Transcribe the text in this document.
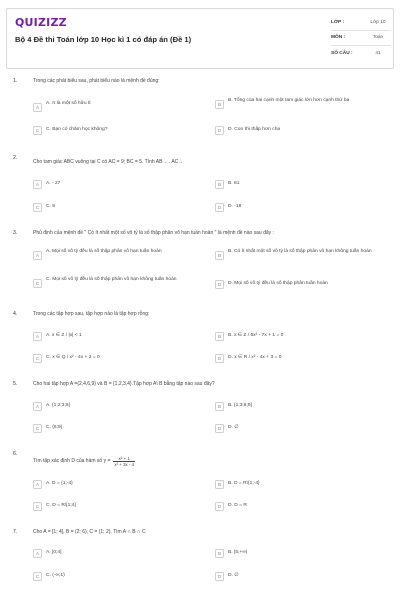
QUIZIZZ
Bộ 4 Đề thi Toán lớp 10 Học kì 1 có đáp án (Đề 1)
LỚP :	Lớp 10
MÔN :	Toán
SỐ CÂU :	41
1.	Trong các phát biểu sau, phát biểu nào là mệnh đề đúng:
A
A. π là một số hữu tỉ	B
B. Tổng của hai cạnh một tam giác lớn hơn cạnh thứ ba
C	C. Bạn có chăm học không?	D	D. Con thì thấp hơn cha
2.
Cho tam giác ABC vuông tại C có AC = 9; BC = 5. Tính AB→ . AC→
A	A. - 27	B	B. 81
C	C. 9	D	D. -18
3.	Phủ định của mệnh đề " Có ít nhất một số vô tỷ là số thập phân vô hạn tuần hoàn " là mệnh đề nào sau đây :
A
A. Mọi số vô tỷ đều là số thập phân vô hạn tuần hoàn
B
B. Có ít nhất một số vô tỷ là số thập phân vô hạn không tuần hoàn
C
C. Mọi số vô tỷ đều là số thập phân vô hạn không tuần hoàn
D	D. Mọi số vô tỷ đều là số thập phân tuần hoàn
4.	Trong các tập hợp sau, tập hợp nào là tập hợp rỗng:
A	A. x ∈ Z / |x| < 1	B	B. x ∈ Z / 6x² - 7x + 1 = 0
C	C. x ∈ Q / x² - 4x + 2 = 0	D	D. x ∈ R / x² - 4x + 3 = 0
5.	Cho hai tập hợp A ={2,4,6,9} và B = {1,2,3,4}.Tập hợp A\ B bằng tập nào sau đây?
A	A. {1;2;3;5}	B	B. {1;3;6;9}
C	C. {6;9}	D	D. ∅
6.
Tìm tập xác định D của hàm số $y = \frac{\text{x² + 1}}{\text{x² + 3x - 4}}$
A	A. D = {1;-4}	B	B. D = R\{1;-4}
C	C. D = R\[1;4]	D	D. D = R
7.	Cho A = [1; 4], B = (2; 6), C = (1; 2). Tìm A ∩ B ∩ C
A	A. [0;4]	B	B. [5;+∞)
C	C. (-∞;1)	D	D. ∅
